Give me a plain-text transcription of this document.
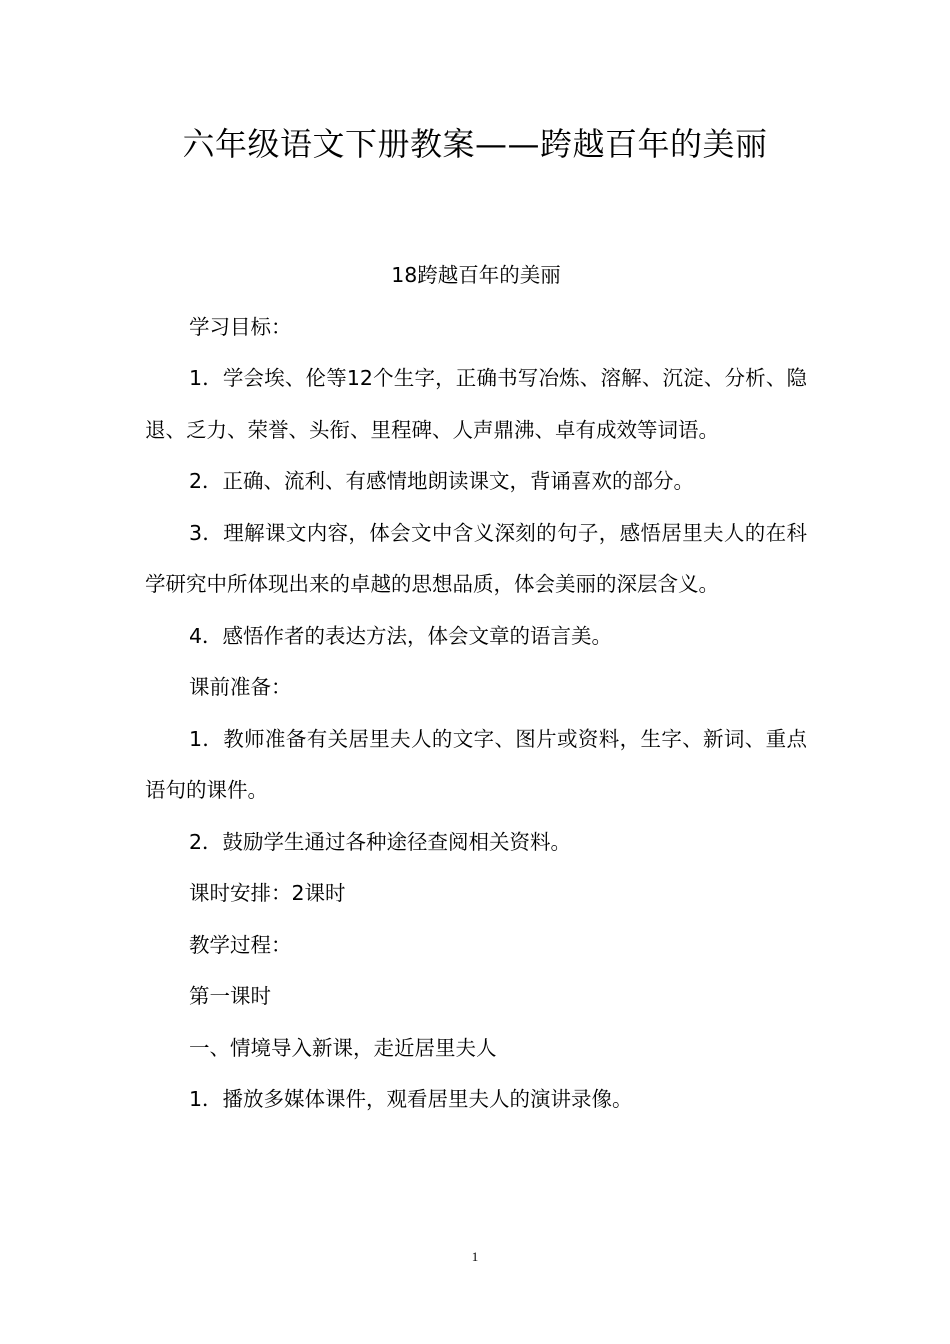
六年级语文下册教案——跨越百年的美丽

18跨越百年的美丽

学习目标：

1．学会埃、伦等12个生字，正确书写冶炼、溶解、沉淀、分析、隐退、乏力、荣誉、头衔、里程碑、人声鼎沸、卓有成效等词语。

2．正确、流利、有感情地朗读课文，背诵喜欢的部分。

3．理解课文内容，体会文中含义深刻的句子，感悟居里夫人的在科学研究中所体现出来的卓越的思想品质，体会美丽的深层含义。

4．感悟作者的表达方法，体会文章的语言美。

课前准备：

1．教师准备有关居里夫人的文字、图片或资料，生字、新词、重点语句的课件。

2．鼓励学生通过各种途径查阅相关资料。

课时安排：2课时

教学过程：

第一课时

一、情境导入新课，走近居里夫人

1．播放多媒体课件，观看居里夫人的演讲录像。

1
